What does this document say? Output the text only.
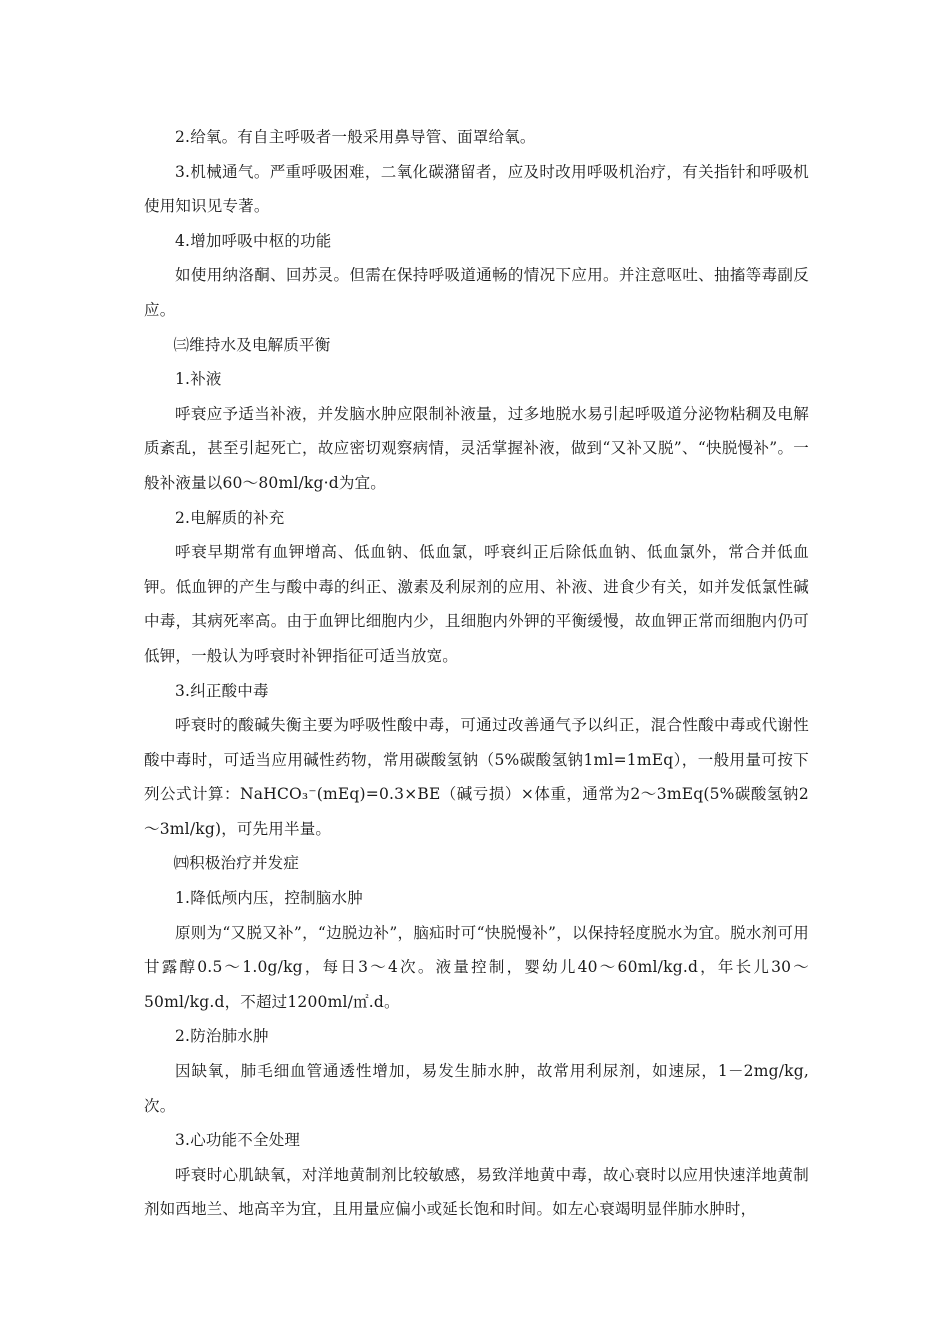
2.给氧。有自主呼吸者一般采用鼻导管、面罩给氧。

3.机械通气。严重呼吸困难，二氧化碳潴留者，应及时改用呼吸机治疗，有关指针和呼吸机使用知识见专著。

4.增加呼吸中枢的功能

如使用纳洛酮、回苏灵。但需在保持呼吸道通畅的情况下应用。并注意呕吐、抽搐等毒副反应。

㈢维持水及电解质平衡

1.补液

呼衰应予适当补液，并发脑水肿应限制补液量，过多地脱水易引起呼吸道分泌物粘稠及电解质紊乱，甚至引起死亡，故应密切观察病情，灵活掌握补液，做到“又补又脱”、“快脱慢补”。一般补液量以60～80ml/kg·d为宜。

2.电解质的补充

呼衰早期常有血钾增高、低血钠、低血氯，呼衰纠正后除低血钠、低血氯外，常合并低血钾。低血钾的产生与酸中毒的纠正、激素及利尿剂的应用、补液、进食少有关，如并发低氯性碱中毒，其病死率高。由于血钾比细胞内少，且细胞内外钾的平衡缓慢，故血钾正常而细胞内仍可低钾，一般认为呼衰时补钾指征可适当放宽。

3.纠正酸中毒

呼衰时的酸碱失衡主要为呼吸性酸中毒，可通过改善通气予以纠正，混合性酸中毒或代谢性酸中毒时，可适当应用碱性药物，常用碳酸氢钠（5%碳酸氢钠1ml=1mEq），一般用量可按下列公式计算：NaHCO₃⁻(mEq)=0.3×BE（碱亏损）×体重，通常为2～3mEq(5%碳酸氢钠2～3ml/kg)，可先用半量。

㈣积极治疗并发症

1.降低颅内压，控制脑水肿

原则为“又脱又补”，“边脱边补”，脑疝时可“快脱慢补”，以保持轻度脱水为宜。脱水剂可用甘露醇0.5～1.0g/kg，每日3～4次。液量控制，婴幼儿40～60ml/kg.d，年长儿30～50ml/kg.d，不超过1200ml/㎡.d。

2.防治肺水肿

因缺氧，肺毛细血管通透性增加，易发生肺水肿，故常用利尿剂，如速尿，1－2mg/kg,次。

3.心功能不全处理

呼衰时心肌缺氧，对洋地黄制剂比较敏感，易致洋地黄中毒，故心衰时以应用快速洋地黄制剂如西地兰、地高辛为宜，且用量应偏小或延长饱和时间。如左心衰竭明显伴肺水肿时，
